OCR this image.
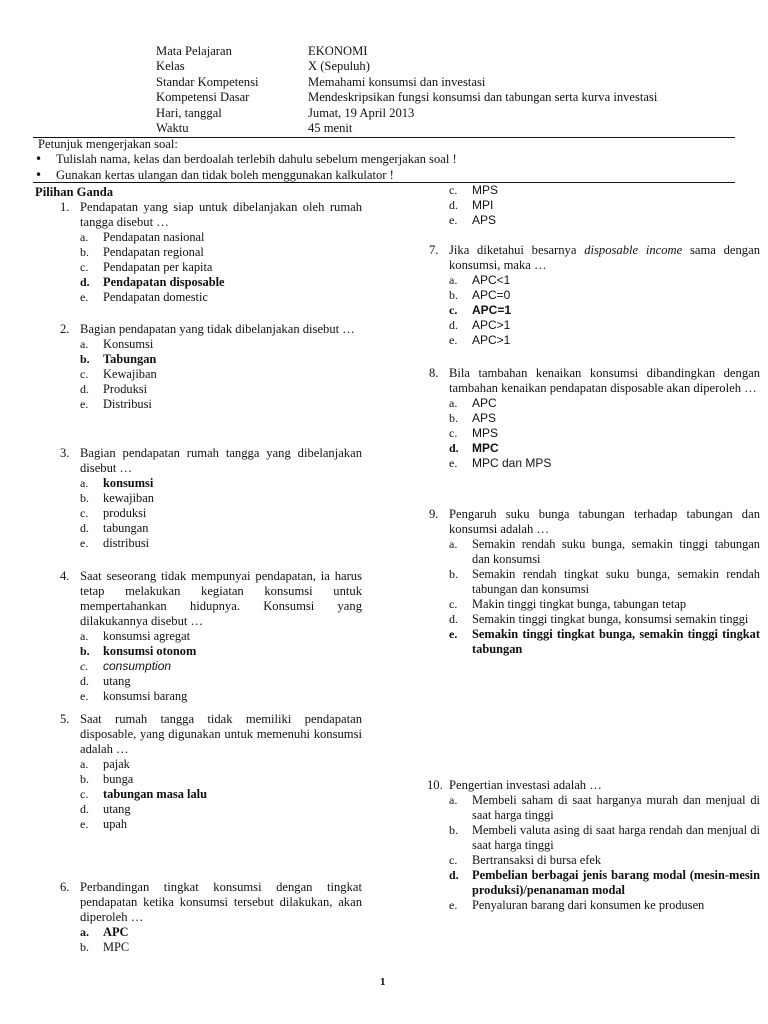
Mata Pelajaran	EKONOMI
Kelas	X (Sepuluh)
Standar Kompetensi	Memahami konsumsi dan investasi
Kompetensi Dasar	Mendeskripsikan fungsi konsumsi dan tabungan serta kurva investasi
Hari, tanggal	Jumat, 19 April 2013
Waktu	45 menit
Petunjuk mengerjakan soal:
• Tulislah nama, kelas dan berdoalah terlebih dahulu sebelum mengerjakan soal !
• Gunakan kertas ulangan dan tidak boleh menggunakan kalkulator !
Pilihan Ganda
1. Pendapatan yang siap untuk dibelanjakan oleh rumah tangga disebut …
a.	Pendapatan nasional
b.	Pendapatan regional
c.	Pendapatan per kapita
d.	Pendapatan disposable
e.	Pendapatan domestic
2. Bagian pendapatan yang tidak dibelanjakan disebut …
a.	Konsumsi
b.	Tabungan
c.	Kewajiban
d.	Produksi
e.	Distribusi
3. Bagian pendapatan rumah tangga yang dibelanjakan disebut …
a.	konsumsi
b.	kewajiban
c.	produksi
d.	tabungan
e.	distribusi
4. Saat seseorang tidak mempunyai pendapatan, ia harus tetap melakukan kegiatan konsumsi untuk mempertahankan hidupnya. Konsumsi yang dilakukannya disebut …
a.	konsumsi agregat
b.	konsumsi otonom
c.	consumption
d.	utang
e.	konsumsi barang
5. Saat rumah tangga tidak memiliki pendapatan disposable, yang digunakan untuk memenuhi konsumsi adalah …
a.	pajak
b.	bunga
c.	tabungan masa lalu
d.	utang
e.	upah
6. Perbandingan tingkat konsumsi dengan tingkat pendapatan ketika konsumsi tersebut dilakukan, akan diperoleh …
a.	APC
b.	MPC
c.	MPS
d.	MPI
e.	APS
7. Jika diketahui besarnya disposable income sama dengan konsumsi, maka …
a.	APC<1
b.	APC=0
c.	APC=1
d.	APC>1
e.	APC>1
8. Bila tambahan kenaikan konsumsi dibandingkan dengan tambahan kenaikan pendapatan disposable akan diperoleh …
a.	APC
b.	APS
c.	MPS
d.	MPC
e.	MPC dan MPS
9. Pengaruh suku bunga tabungan terhadap tabungan dan konsumsi adalah …
a.	Semakin rendah suku bunga, semakin tinggi tabungan dan konsumsi
b.	Semakin rendah tingkat suku bunga, semakin rendah tabungan dan konsumsi
c.	Makin tinggi tingkat bunga, tabungan tetap
d.	Semakin tinggi tingkat bunga, konsumsi semakin tinggi
e.	Semakin tinggi tingkat bunga, semakin tinggi tingkat tabungan
10. Pengertian investasi adalah …
a.	Membeli saham di saat harganya murah dan menjual di saat harga tinggi
b.	Membeli valuta asing di saat harga rendah dan menjual di saat harga tinggi
c.	Bertransaksi di bursa efek
d.	Pembelian berbagai jenis barang modal (mesin-mesin produksi)/penanaman modal
e.	Penyaluran barang dari konsumen ke produsen
1
